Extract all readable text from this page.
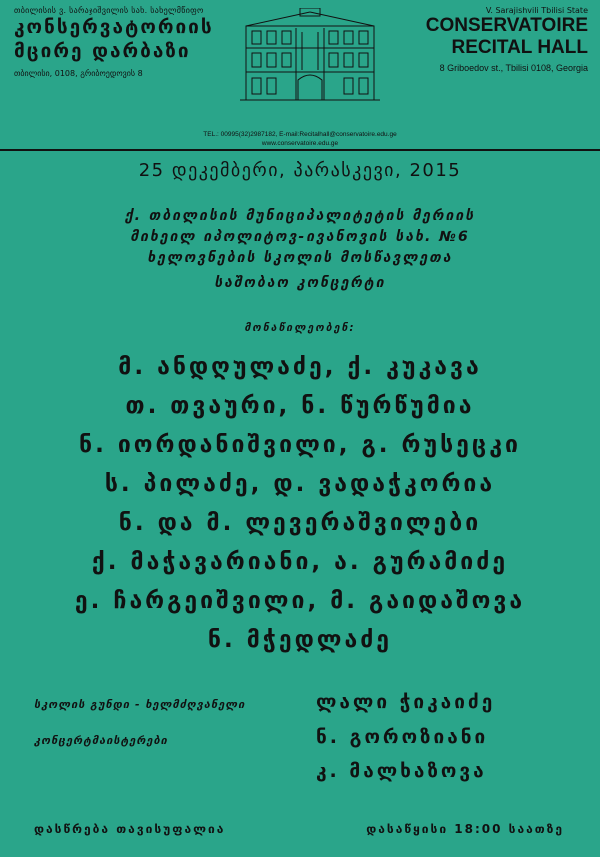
თბილისის ვ. სარაჯიშვილის სახ. სახელმწიფო
კონსერვატორიის
მცირე დარბაზი
თბილისი, 0108, გრიბოედოვის 8
V. Sarajishvili Tbilisi State
CONSERVATOIRE
RECITAL HALL
8 Griboedov st., Tbilisi 0108, Georgia
TEL.: 00995(32)2987182, E-mail:Recitalhall@conservatoire.edu.ge
www.conservatoire.edu.ge
25 დეკემბერი, პარასკევი, 2015
ქ. თბილისის მუნიციპალიტეტის მერიის
მიხეილ იპოლიტოვ-ივანოვის სახ. №6
ხელოვნების სკოლის მოსწავლეთა
საშობაო კონცერტი
მონაწილეობენ:
მ. ანდღულაძე, ქ. კუკავა
თ. თვაური, ნ. წურწუმია
ნ. იორდანიშვილი, გ. რუსეცკი
ს. პილაძე, დ. ვადაჭკორია
ნ. და მ. ლევერაშვილები
ქ. მაჭავარიანი, ა. გურამიძე
ე. ჩარგეიშვილი, მ. გაიდაშოვა
ნ. მჭედლაძე
სკოლის გუნდი - ხელმძღვანელი	ლალი ჭიკაიძე
კონცერტმაისტერები	ნ. გოროზიანი
კ. მალხაზოვა
დასწრება თავისუფალია	დასაწყისი 18:00 საათზე
